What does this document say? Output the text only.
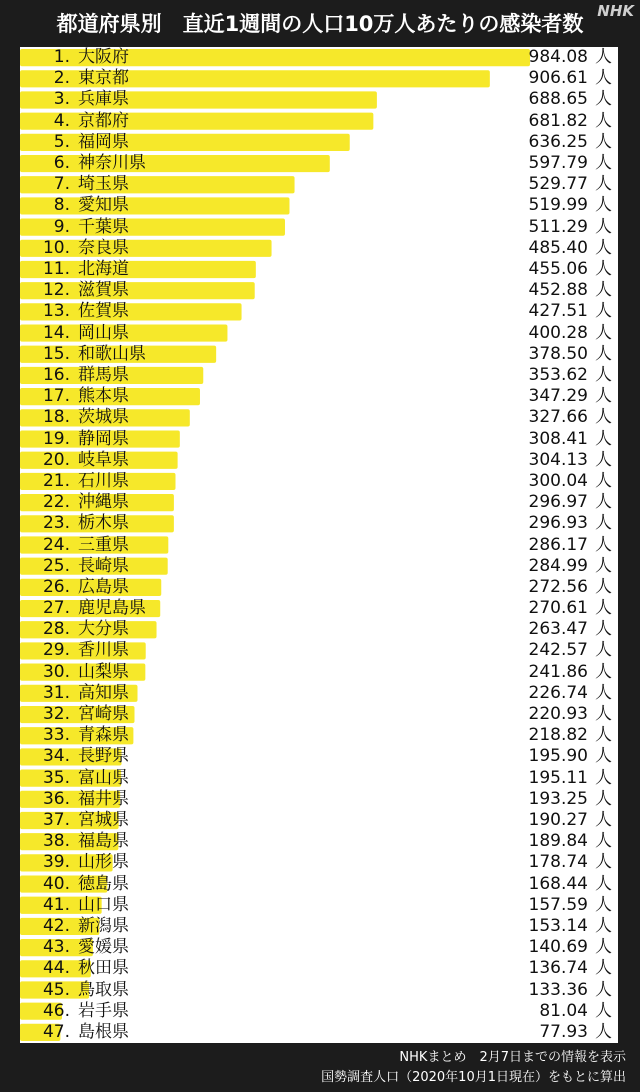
都道府県別　直近1週間の人口10万人あたりの感染者数
NHK
1. 大阪府	984.08 人
2. 東京都	906.61 人
3. 兵庫県	688.65 人
4. 京都府	681.82 人
5. 福岡県	636.25 人
6. 神奈川県	597.79 人
7. 埼玉県	529.77 人
8. 愛知県	519.99 人
9. 千葉県	511.29 人
10. 奈良県	485.40 人
11. 北海道	455.06 人
12. 滋賀県	452.88 人
13. 佐賀県	427.51 人
14. 岡山県	400.28 人
15. 和歌山県	378.50 人
16. 群馬県	353.62 人
17. 熊本県	347.29 人
18. 茨城県	327.66 人
19. 静岡県	308.41 人
20. 岐阜県	304.13 人
21. 石川県	300.04 人
22. 沖縄県	296.97 人
23. 栃木県	296.93 人
24. 三重県	286.17 人
25. 長崎県	284.99 人
26. 広島県	272.56 人
27. 鹿児島県	270.61 人
28. 大分県	263.47 人
29. 香川県	242.57 人
30. 山梨県	241.86 人
31. 高知県	226.74 人
32. 宮崎県	220.93 人
33. 青森県	218.82 人
34. 長野県	195.90 人
35. 富山県	195.11 人
36. 福井県	193.25 人
37. 宮城県	190.27 人
38. 福島県	189.84 人
39. 山形県	178.74 人
40. 徳島県	168.44 人
41. 山口県	157.59 人
42. 新潟県	153.14 人
43. 愛媛県	140.69 人
44. 秋田県	136.74 人
45. 鳥取県	133.36 人
46. 岩手県	81.04 人
47. 島根県	77.93 人
NHKまとめ　2月7日までの情報を表示
国勢調査人口（2020年10月1日現在）をもとに算出
